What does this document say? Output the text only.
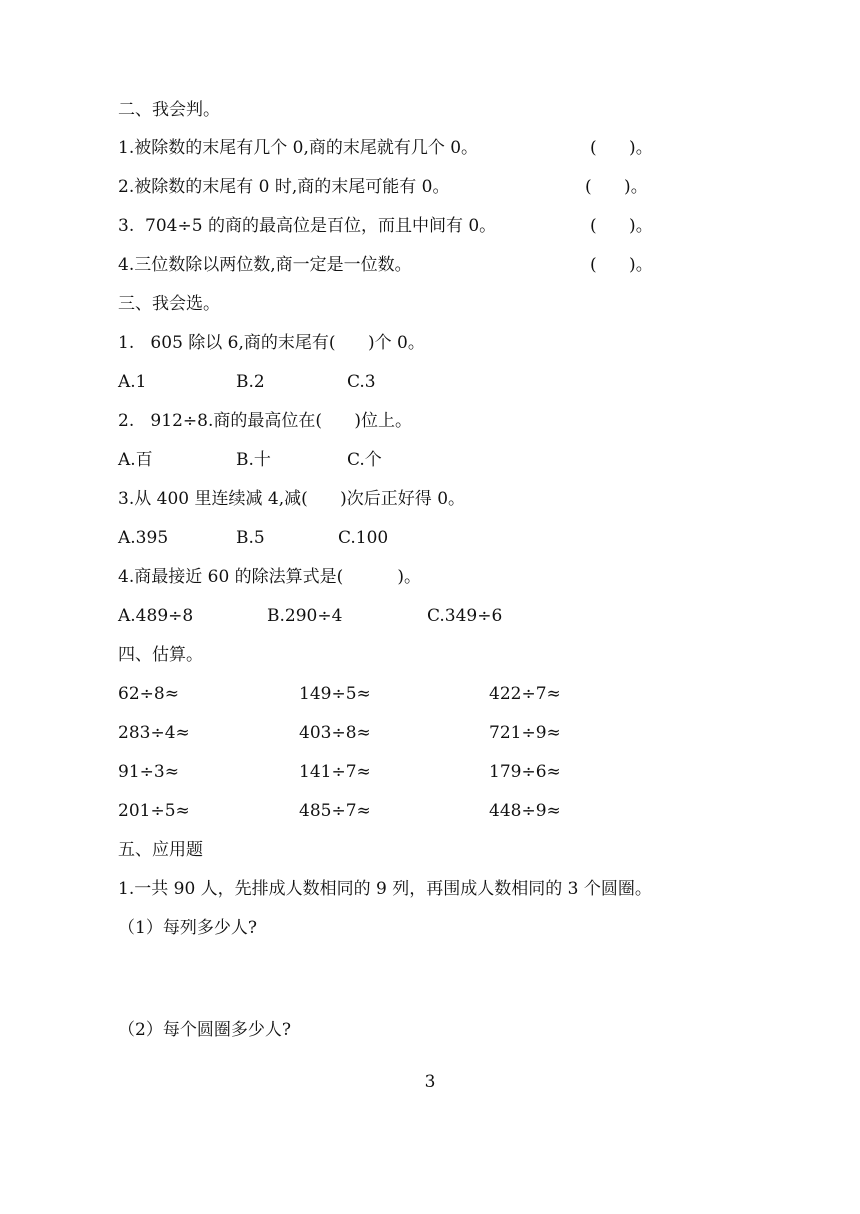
二、我会判。
1.被除数的末尾有几个 0,商的末尾就有几个 0。	(      )。
2.被除数的末尾有 0 时,商的末尾可能有 0。	(      )。
3.  704÷5 的商的最高位是百位，而且中间有 0。	(      )。
4.三位数除以两位数,商一定是一位数。	(      )。
三、我会选。
1.   605 除以 6,商的末尾有(      )个 0。
A.1	B.2	C.3
2.   912÷8.商的最高位在(      )位上。
A.百	B.十	C.个
3.从 400 里连续减 4,减(      )次后正好得 0。
A.395	B.5	C.100
4.商最接近 60 的除法算式是(          )。
A.489÷8	B.290÷4	C.349÷6
四、估算。
62÷8≈	149÷5≈	422÷7≈
283÷4≈	403÷8≈	721÷9≈
91÷3≈	141÷7≈	179÷6≈
201÷5≈	485÷7≈	448÷9≈
五、应用题
1.一共 90 人，先排成人数相同的 9 列，再围成人数相同的 3 个圆圈。
（1）每列多少人?
（2）每个圆圈多少人?
3
